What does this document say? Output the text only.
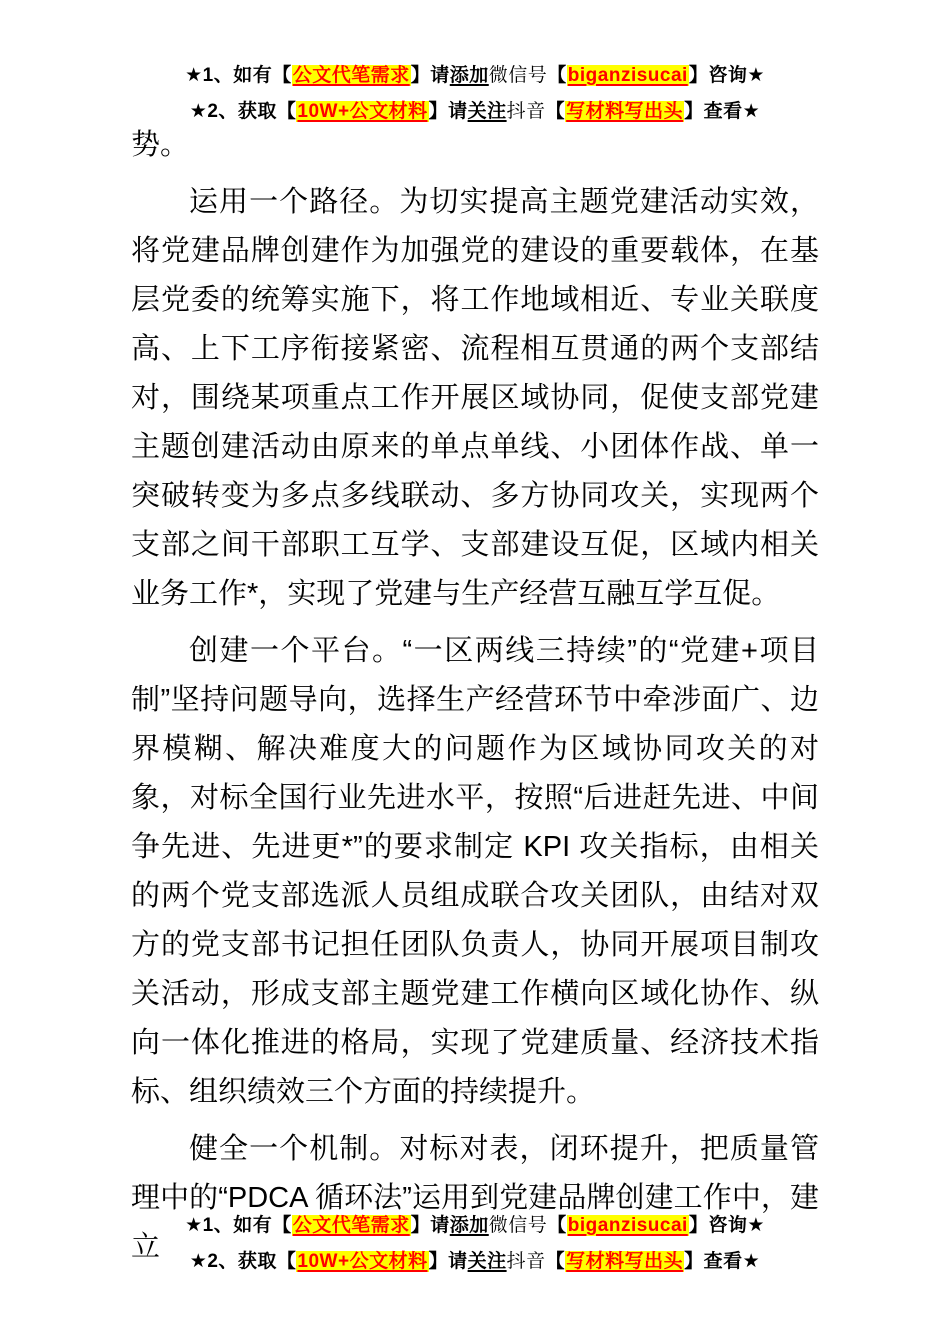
★1、如有【公文代笔需求】请添加微信号【biganzisucai】咨询★
★2、获取【10W+公文材料】请关注抖音【写材料写出头】查看★

势。

运用一个路径。为切实提高主题党建活动实效，将党建品牌创建作为加强党的建设的重要载体，在基层党委的统筹实施下，将工作地域相近、专业关联度高、上下工序衔接紧密、流程相互贯通的两个支部结对，围绕某项重点工作开展区域协同，促使支部党建主题创建活动由原来的单点单线、小团体作战、单一突破转变为多点多线联动、多方协同攻关，实现两个支部之间干部职工互学、支部建设互促，区域内相关业务工作*，实现了党建与生产经营互融互学互促。

创建一个平台。“一区两线三持续”的“党建+项目制”坚持问题导向，选择生产经营环节中牵涉面广、边界模糊、解决难度大的问题作为区域协同攻关的对象，对标全国行业先进水平，按照“后进赶先进、中间争先进、先进更*”的要求制定 KPI 攻关指标，由相关的两个党支部选派人员组成联合攻关团队，由结对双方的党支部书记担任团队负责人，协同开展项目制攻关活动，形成支部主题党建工作横向区域化协作、纵向一体化推进的格局，实现了党建质量、经济技术指标、组织绩效三个方面的持续提升。

健全一个机制。对标对表，闭环提升，把质量管理中的“PDCA 循环法”运用到党建品牌创建工作中，建立

★1、如有【公文代笔需求】请添加微信号【biganzisucai】咨询★
★2、获取【10W+公文材料】请关注抖音【写材料写出头】查看★
